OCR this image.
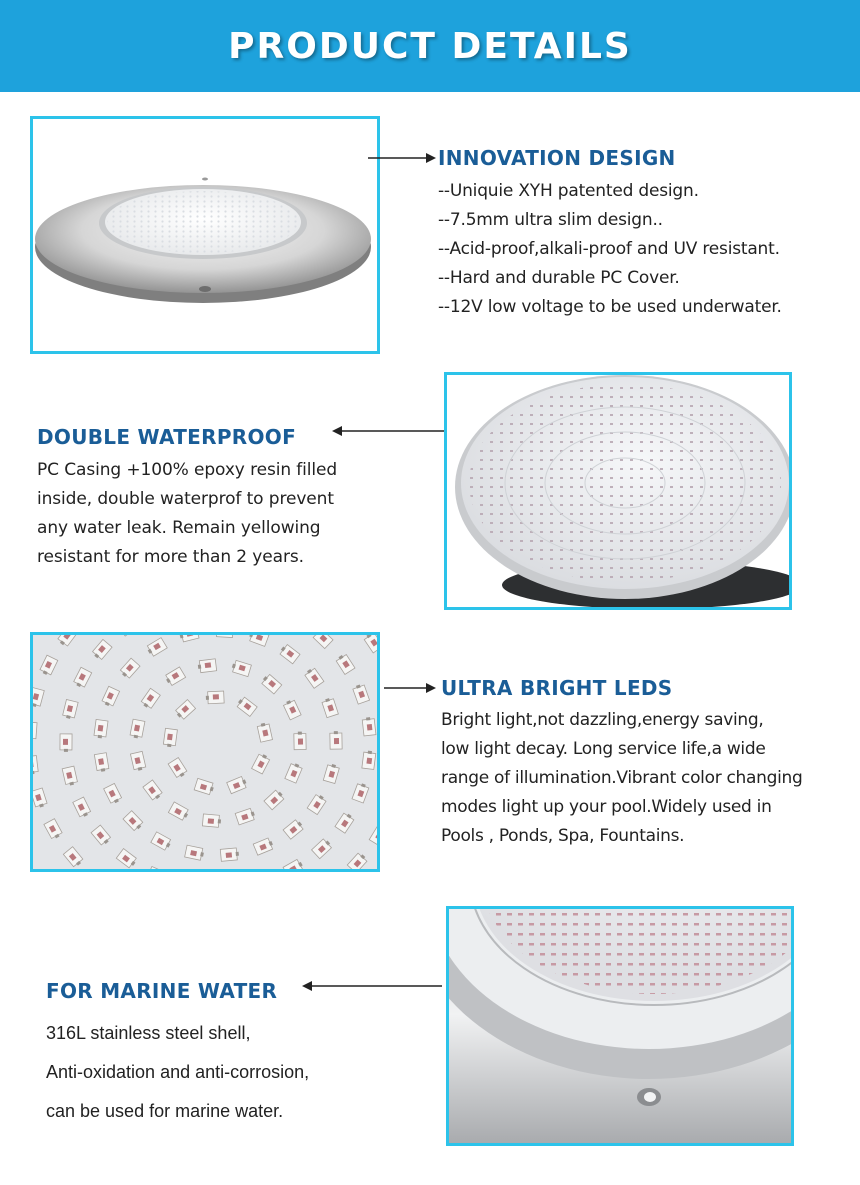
PRODUCT DETAILS
INNOVATION DESIGN
--Uniquie XYH patented design.
--7.5mm ultra slim design..
--Acid-proof,alkali-proof and UV resistant.
--Hard and durable PC Cover.
--12V low voltage to be used underwater.
DOUBLE WATERPROOF
PC Casing +100% epoxy resin filled
inside, double waterprof to prevent
any water leak. Remain yellowing
resistant for more than 2 years.
ULTRA BRIGHT LEDS
Bright light,not dazzling,energy saving,
low light decay. Long service life,a wide
range of illumination.Vibrant color changing
modes light up your pool.Widely used in
Pools , Ponds, Spa, Fountains.
FOR MARINE WATER
316L stainless steel shell,
Anti-oxidation and anti-corrosion,
can be used for marine water.
